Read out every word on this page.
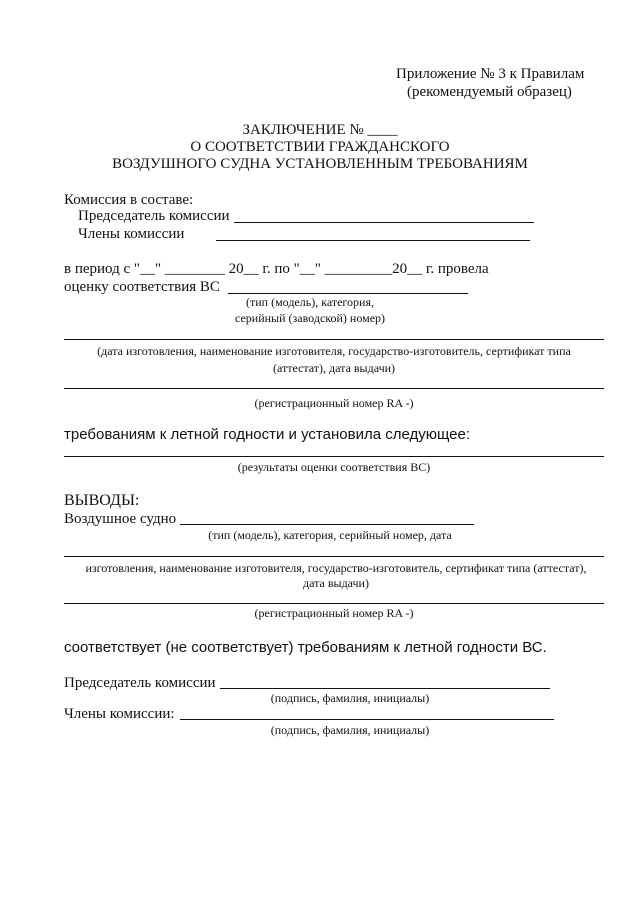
Приложение № 3 к Правилам
(рекомендуемый образец)
ЗАКЛЮЧЕНИЕ № ____
О СООТВЕТСТВИИ ГРАЖДАНСКОГО
ВОЗДУШНОГО СУДНА УСТАНОВЛЕННЫМ ТРЕБОВАНИЯМ
Комиссия в составе:
Председатель комиссии
Члены комиссии
в период с "__" ________ 20__ г. по "__" _________20__ г. провела
оценку соответствия ВС
(тип (модель), категория,
серийный (заводской) номер)
(дата изготовления, наименование изготовителя, государство-изготовитель, сертификат типа
(аттестат), дата выдачи)
(регистрационный номер RA -)
требованиям к летной годности и установила следующее:
(результаты оценки соответствия ВС)
ВЫВОДЫ:
Воздушное судно
(тип (модель), категория, серийный номер, дата
изготовления, наименование изготовителя, государство-изготовитель, сертификат типа (аттестат),
дата выдачи)
(регистрационный номер RA -)
соответствует (не соответствует) требованиям к летной годности ВС.
Председатель комиссии
(подпись, фамилия, инициалы)
Члены комиссии:
(подпись, фамилия, инициалы)
